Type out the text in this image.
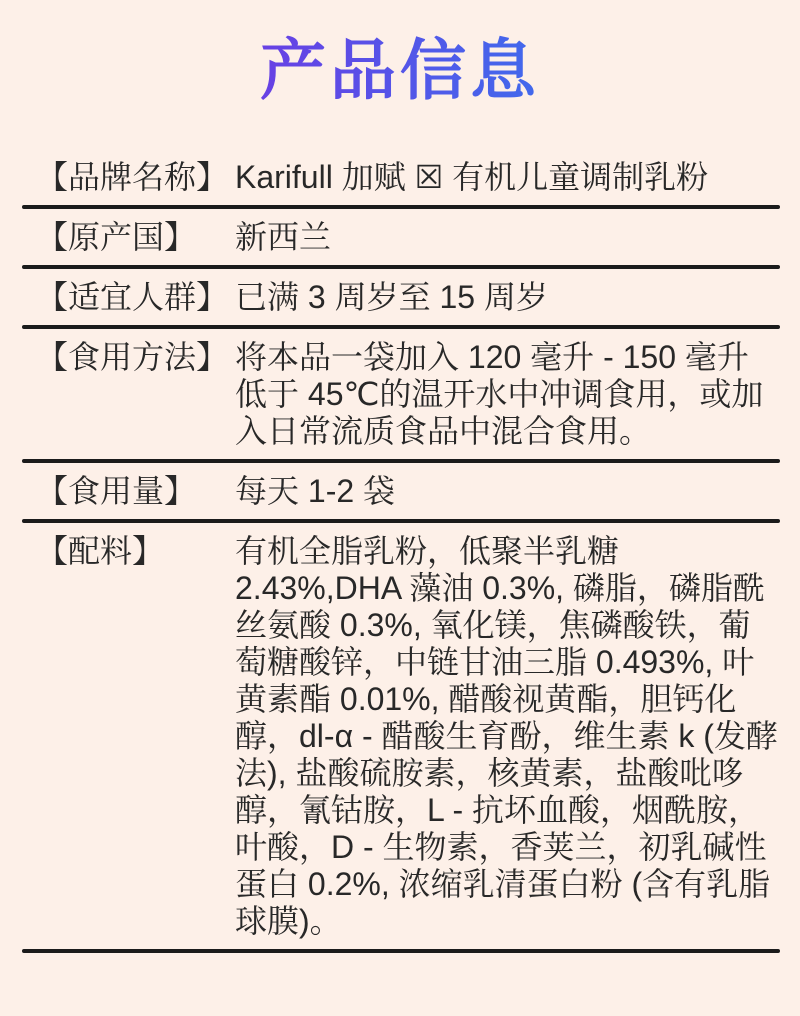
产品信息
【品牌名称】 Karifull 加赋 ☒ 有机儿童调制乳粉
【原产国】	新西兰
【适宜人群】 已满 3 周岁至 15 周岁
【食用方法】 将本品一袋加入 120 毫升 - 150 毫升低于 45℃的温开水中冲调食用，或加入日常流质食品中混合食用。
【食用量】	每天 1-2 袋
【配料】	有机全脂乳粉，低聚半乳糖 2.43%,DHA 藻油 0.3%, 磷脂，磷脂酰丝氨酸 0.3%, 氧化镁，焦磷酸铁，葡萄糖酸锌，中链甘油三脂 0.493%, 叶黄素酯 0.01%, 醋酸视黄酯，胆钙化醇，dl-α - 醋酸生育酚，维生素 k (发酵法), 盐酸硫胺素，核黄素，盐酸吡哆醇，氰钴胺，L - 抗坏血酸，烟酰胺，叶酸，D - 生物素，香荚兰，初乳碱性蛋白 0.2%, 浓缩乳清蛋白粉 (含有乳脂球膜)。
